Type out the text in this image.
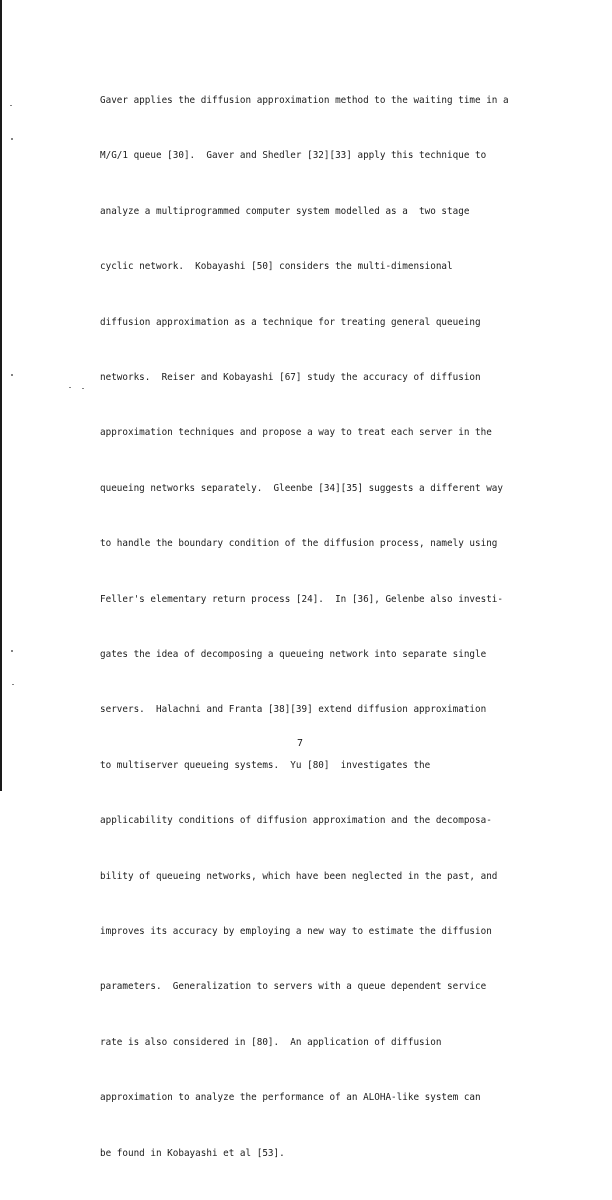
Gaver applies the diffusion approximation method to the waiting time in a

M/G/1 queue [30].  Gaver and Shedler [32][33] apply this technique to

analyze a multiprogrammed computer system modelled as a  two stage

cyclic network.  Kobayashi [50] considers the multi-dimensional

diffusion approximation as a technique for treating general queueing

networks.  Reiser and Kobayashi [67] study the accuracy of diffusion

approximation techniques and propose a way to treat each server in the

queueing networks separately.  Gleenbe [34][35] suggests a different way

to handle the boundary condition of the diffusion process, namely using

Feller's elementary return process [24].  In [36], Gelenbe also investi-

gates the idea of decomposing a queueing network into separate single

servers.  Halachni and Franta [38][39] extend diffusion approximation

to multiserver queueing systems.  Yu [80]  investigates the

applicability conditions of diffusion approximation and the decomposa-

bility of queueing networks, which have been neglected in the past, and

improves its accuracy by employing a new way to estimate the diffusion

parameters.  Generalization to servers with a queue dependent service

rate is also considered in [80].  An application of diffusion

approximation to analyze the performance of an ALOHA-like system can

be found in Kobayashi et al [53].

7
